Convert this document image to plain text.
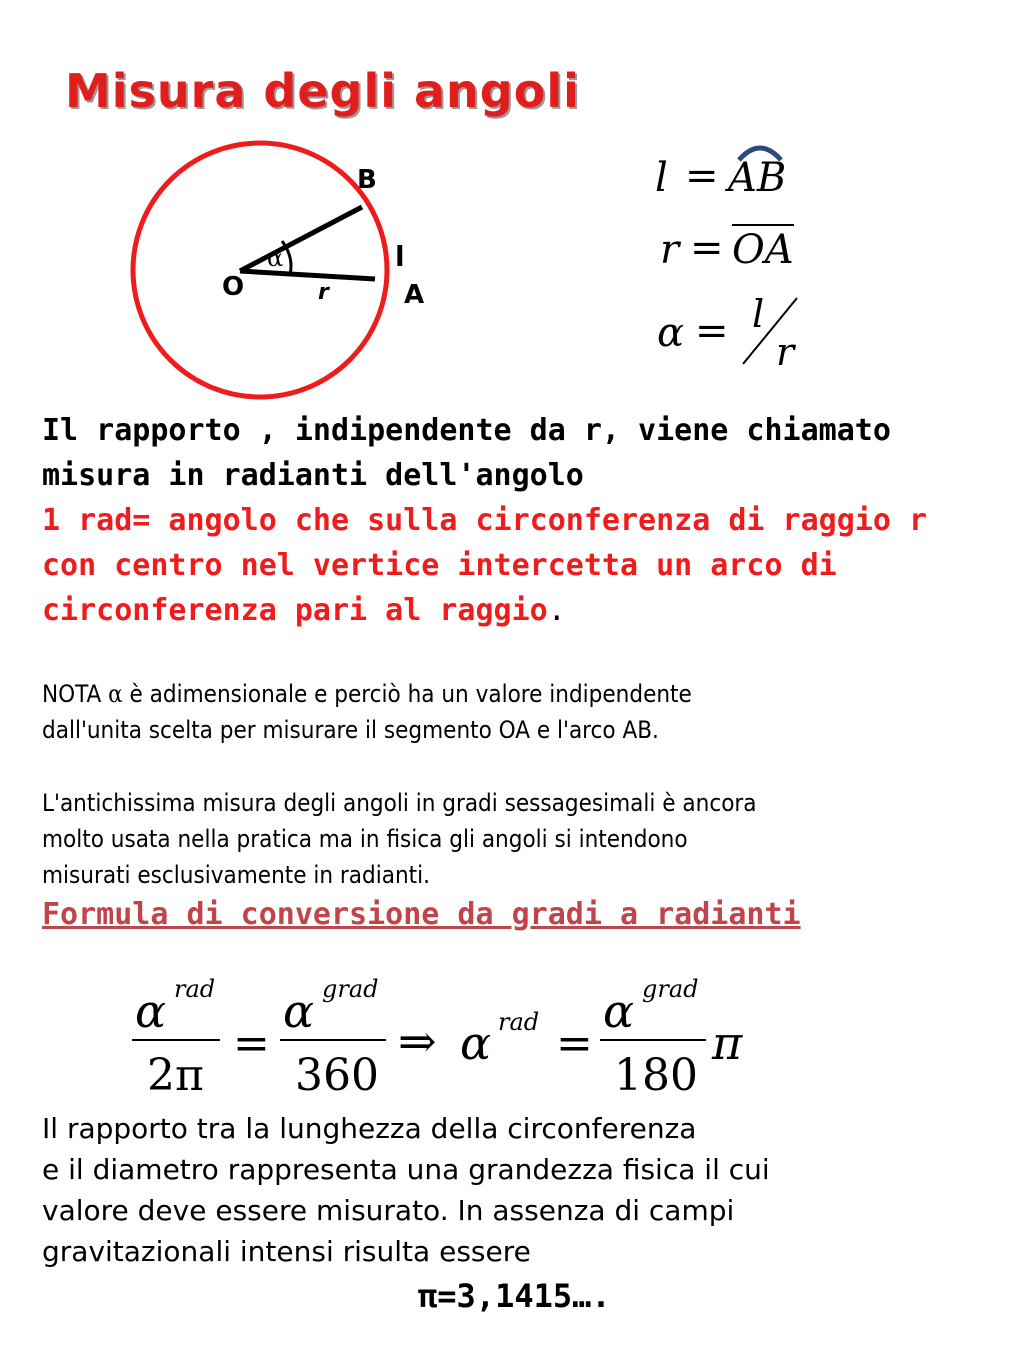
Misura degli angoli
B
O	A
l
r
α
l = AB
r = OA
α = l
r
Il rapporto , indipendente da r, viene chiamato
misura in radianti dell'angolo
1 rad= angolo che sulla circonferenza di raggio r
con centro nel vertice intercetta un arco di
circonferenza pari al raggio.
NOTA α è adimensionale e perciò ha un valore indipendente
dall'unita scelta per misurare il segmento OA e l'arco AB.
L'antichissima misura degli angoli in gradi sessagesimali è ancora
molto usata nella pratica ma in fisica gli angoli si intendono
misurati esclusivamente in radianti.
Formula di conversione da gradi a radianti
α rad
2π
=
α grad
360
⇒ α rad =
α grad
180
π
Il rapporto tra la lunghezza della circonferenza
e il diametro rappresenta una grandezza fisica il cui
valore deve essere misurato. In assenza di campi
gravitazionali intensi risulta essere
π=3,1415….
